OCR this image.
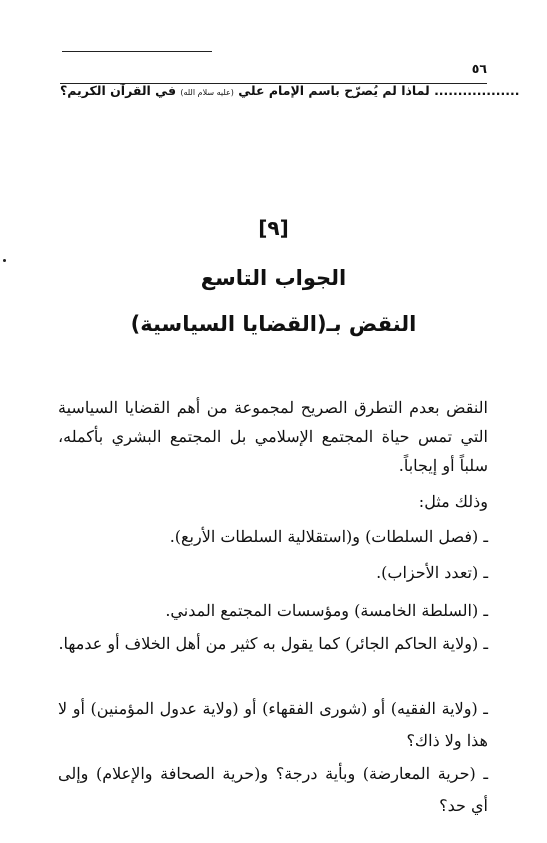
٥٦
.................. لماذا لم يُصرّح باسم الإمام علي (عليه سلام الله) في القرآن الكريم؟
[٩]
الجواب التاسع
النقض بـ(القضايا السياسية)
النقض بعدم التطرق الصريح لمجموعة من أهم القضايا السياسية التي تمس حياة المجتمع الإسلامي بل المجتمع البشري بأكمله، سلباً أو إيجاباً.
وذلك مثل:
ـ (فصل السلطات) و(استقلالية السلطات الأربع).
ـ (تعدد الأحزاب).
ـ (السلطة الخامسة) ومؤسسات المجتمع المدني.
ـ (ولاية الحاكم الجائر) كما يقول به كثير من أهل الخلاف أو عدمها.
ـ (ولاية الفقيه) أو (شورى الفقهاء) أو (ولاية عدول المؤمنين) أو لا هذا ولا ذاك؟
ـ (حرية المعارضة) وبأية درجة؟ و(حرية الصحافة والإعلام) وإلى أي حد؟
